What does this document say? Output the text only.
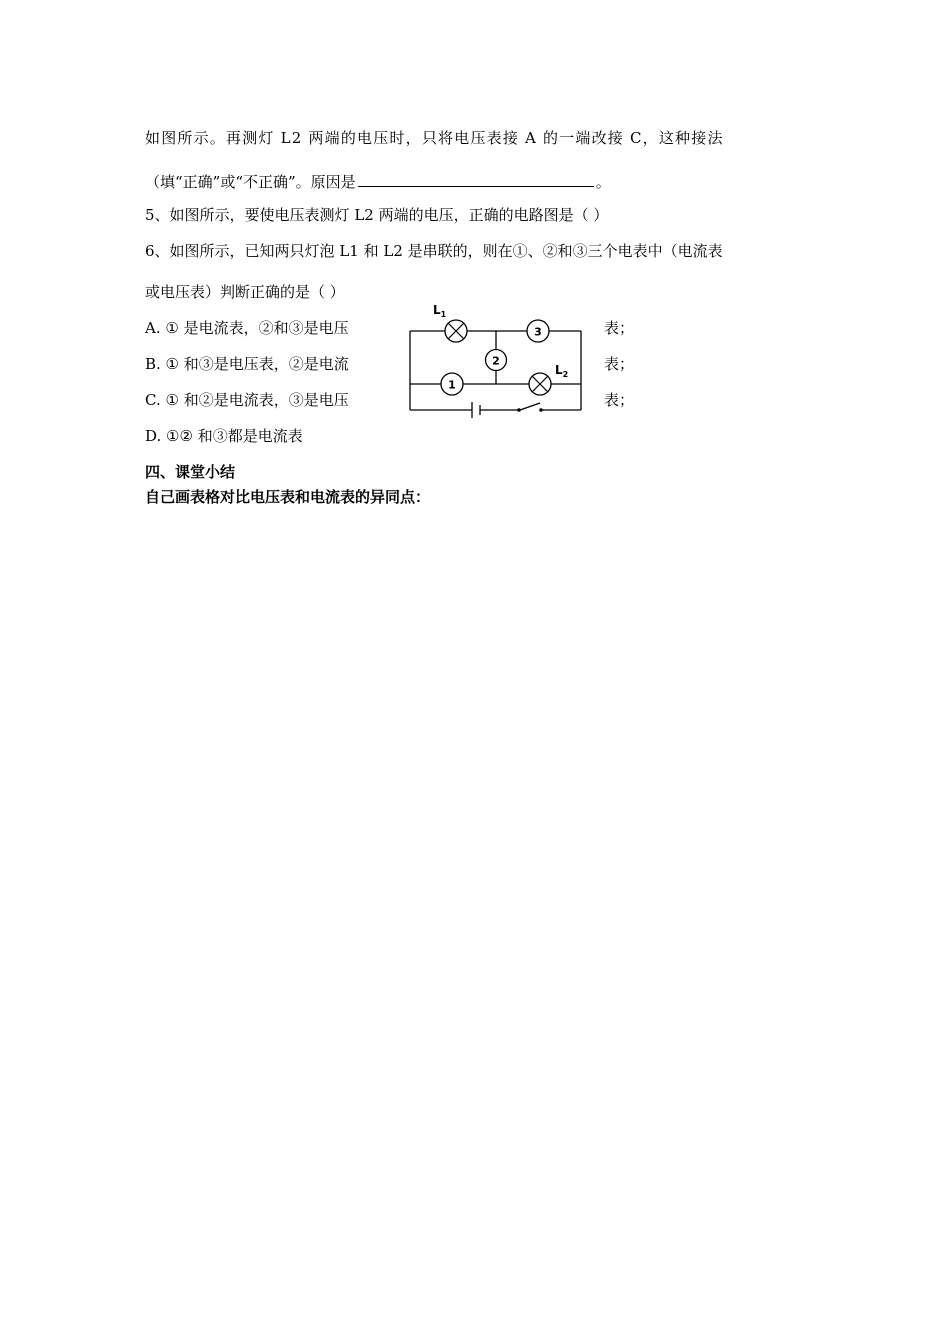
如图所示。再测灯 L2 两端的电压时，只将电压表接 A 的一端改接 C，这种接法
（填“正确”或“不正确”。原因是	。
5、如图所示，要使电压表测灯 L2 两端的电压，正确的电路图是（ ）
6、如图所示，已知两只灯泡 L1 和 L2 是串联的，则在①、②和③三个电表中（电流表
或电压表）判断正确的是（ ）
A. ① 是电流表，②和③是电压	表；
B. ① 和③是电压表，②是电流	表；
C. ① 和②是电流表，③是电压	表；
D. ①② 和③都是电流表
四、课堂小结
自己画表格对比电压表和电流表的异同点：
$L_1$
3
2
1
$L_2$
